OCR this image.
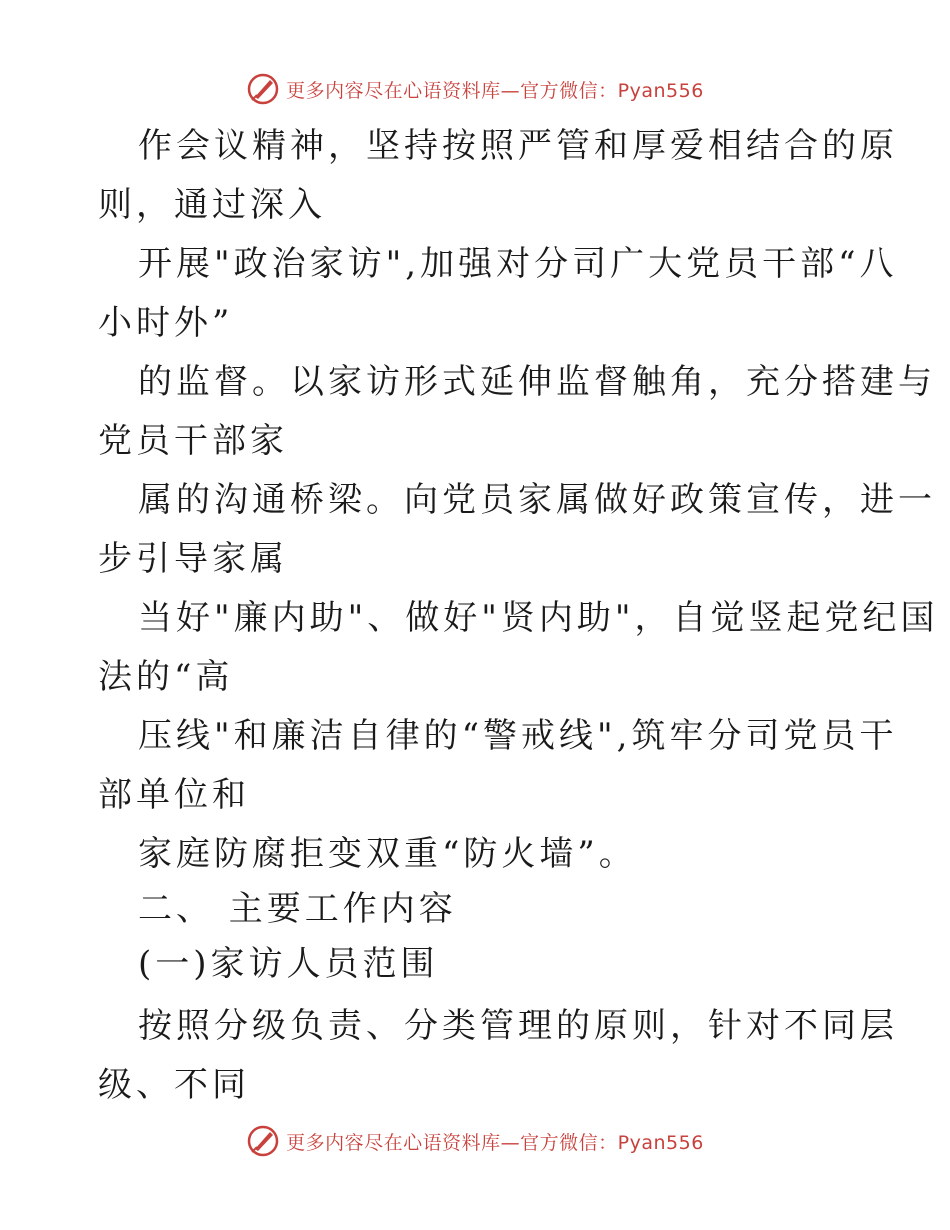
更多内容尽在心语资料库—官方微信：Pyan556
作会议精神，坚持按照严管和厚爱相结合的原
则，通过深入
开展"政治家访",加强对分司广大党员干部“八
小时外”
的监督。以家访形式延伸监督触角，充分搭建与
党员干部家
属的沟通桥梁。向党员家属做好政策宣传，进一
步引导家属
当好"廉内助"、做好"贤内助"，自觉竖起党纪国
法的“高
压线"和廉洁自律的“警戒线",筑牢分司党员干
部单位和
家庭防腐拒变双重“防火墙”。
二、 主要工作内容
(一)家访人员范围
按照分级负责、分类管理的原则，针对不同层
级、不同
更多内容尽在心语资料库—官方微信：Pyan556
